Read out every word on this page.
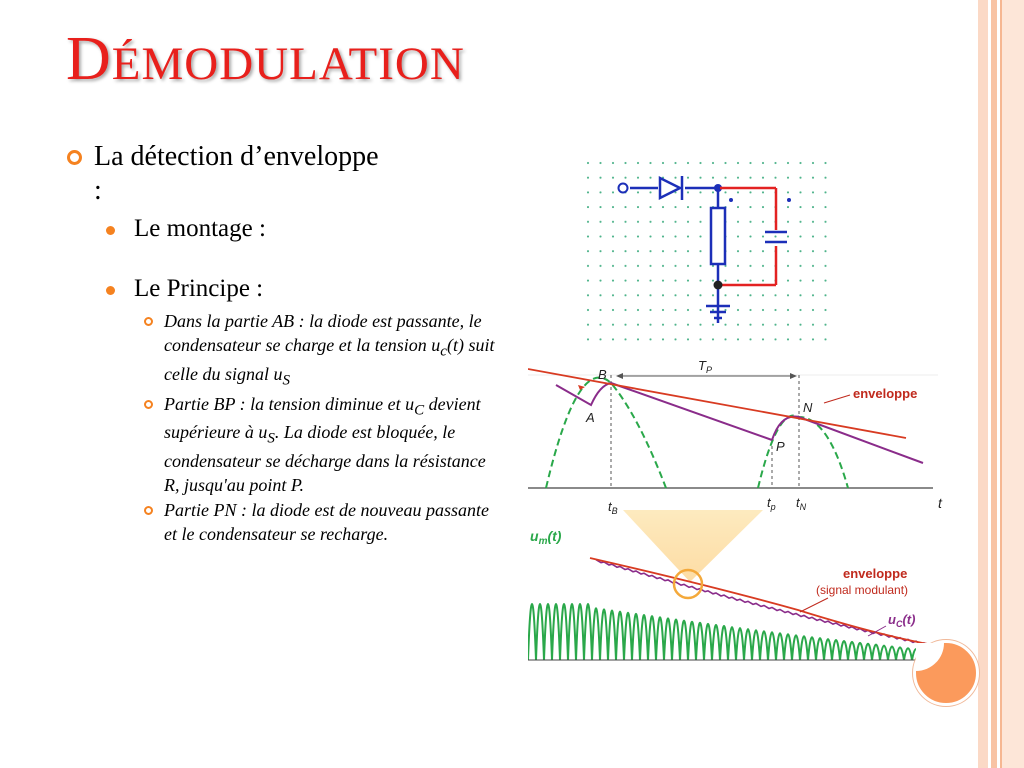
DÉMODULATION
La détection d’enveloppe
:
Le montage :
Le Principe :
Dans la partie AB : la diode est passante, le condensateur se charge et la tension $u_c(t)$ suit celle du signal $u_S$
Partie BP : la tension diminue et $u_C$ devient supérieure à $u_S$. La diode est bloquée, le condensateur se décharge dans la résistance R, jusqu'au point P.
Partie PN : la diode est de nouveau passante et le condensateur se recharge.
B
A
P
N
$T_P$
enveloppe
t
$t_B$
$t_p$ $t_N$
$u_m(t)$
enveloppe
(signal modulant)
$u_C(t)$
